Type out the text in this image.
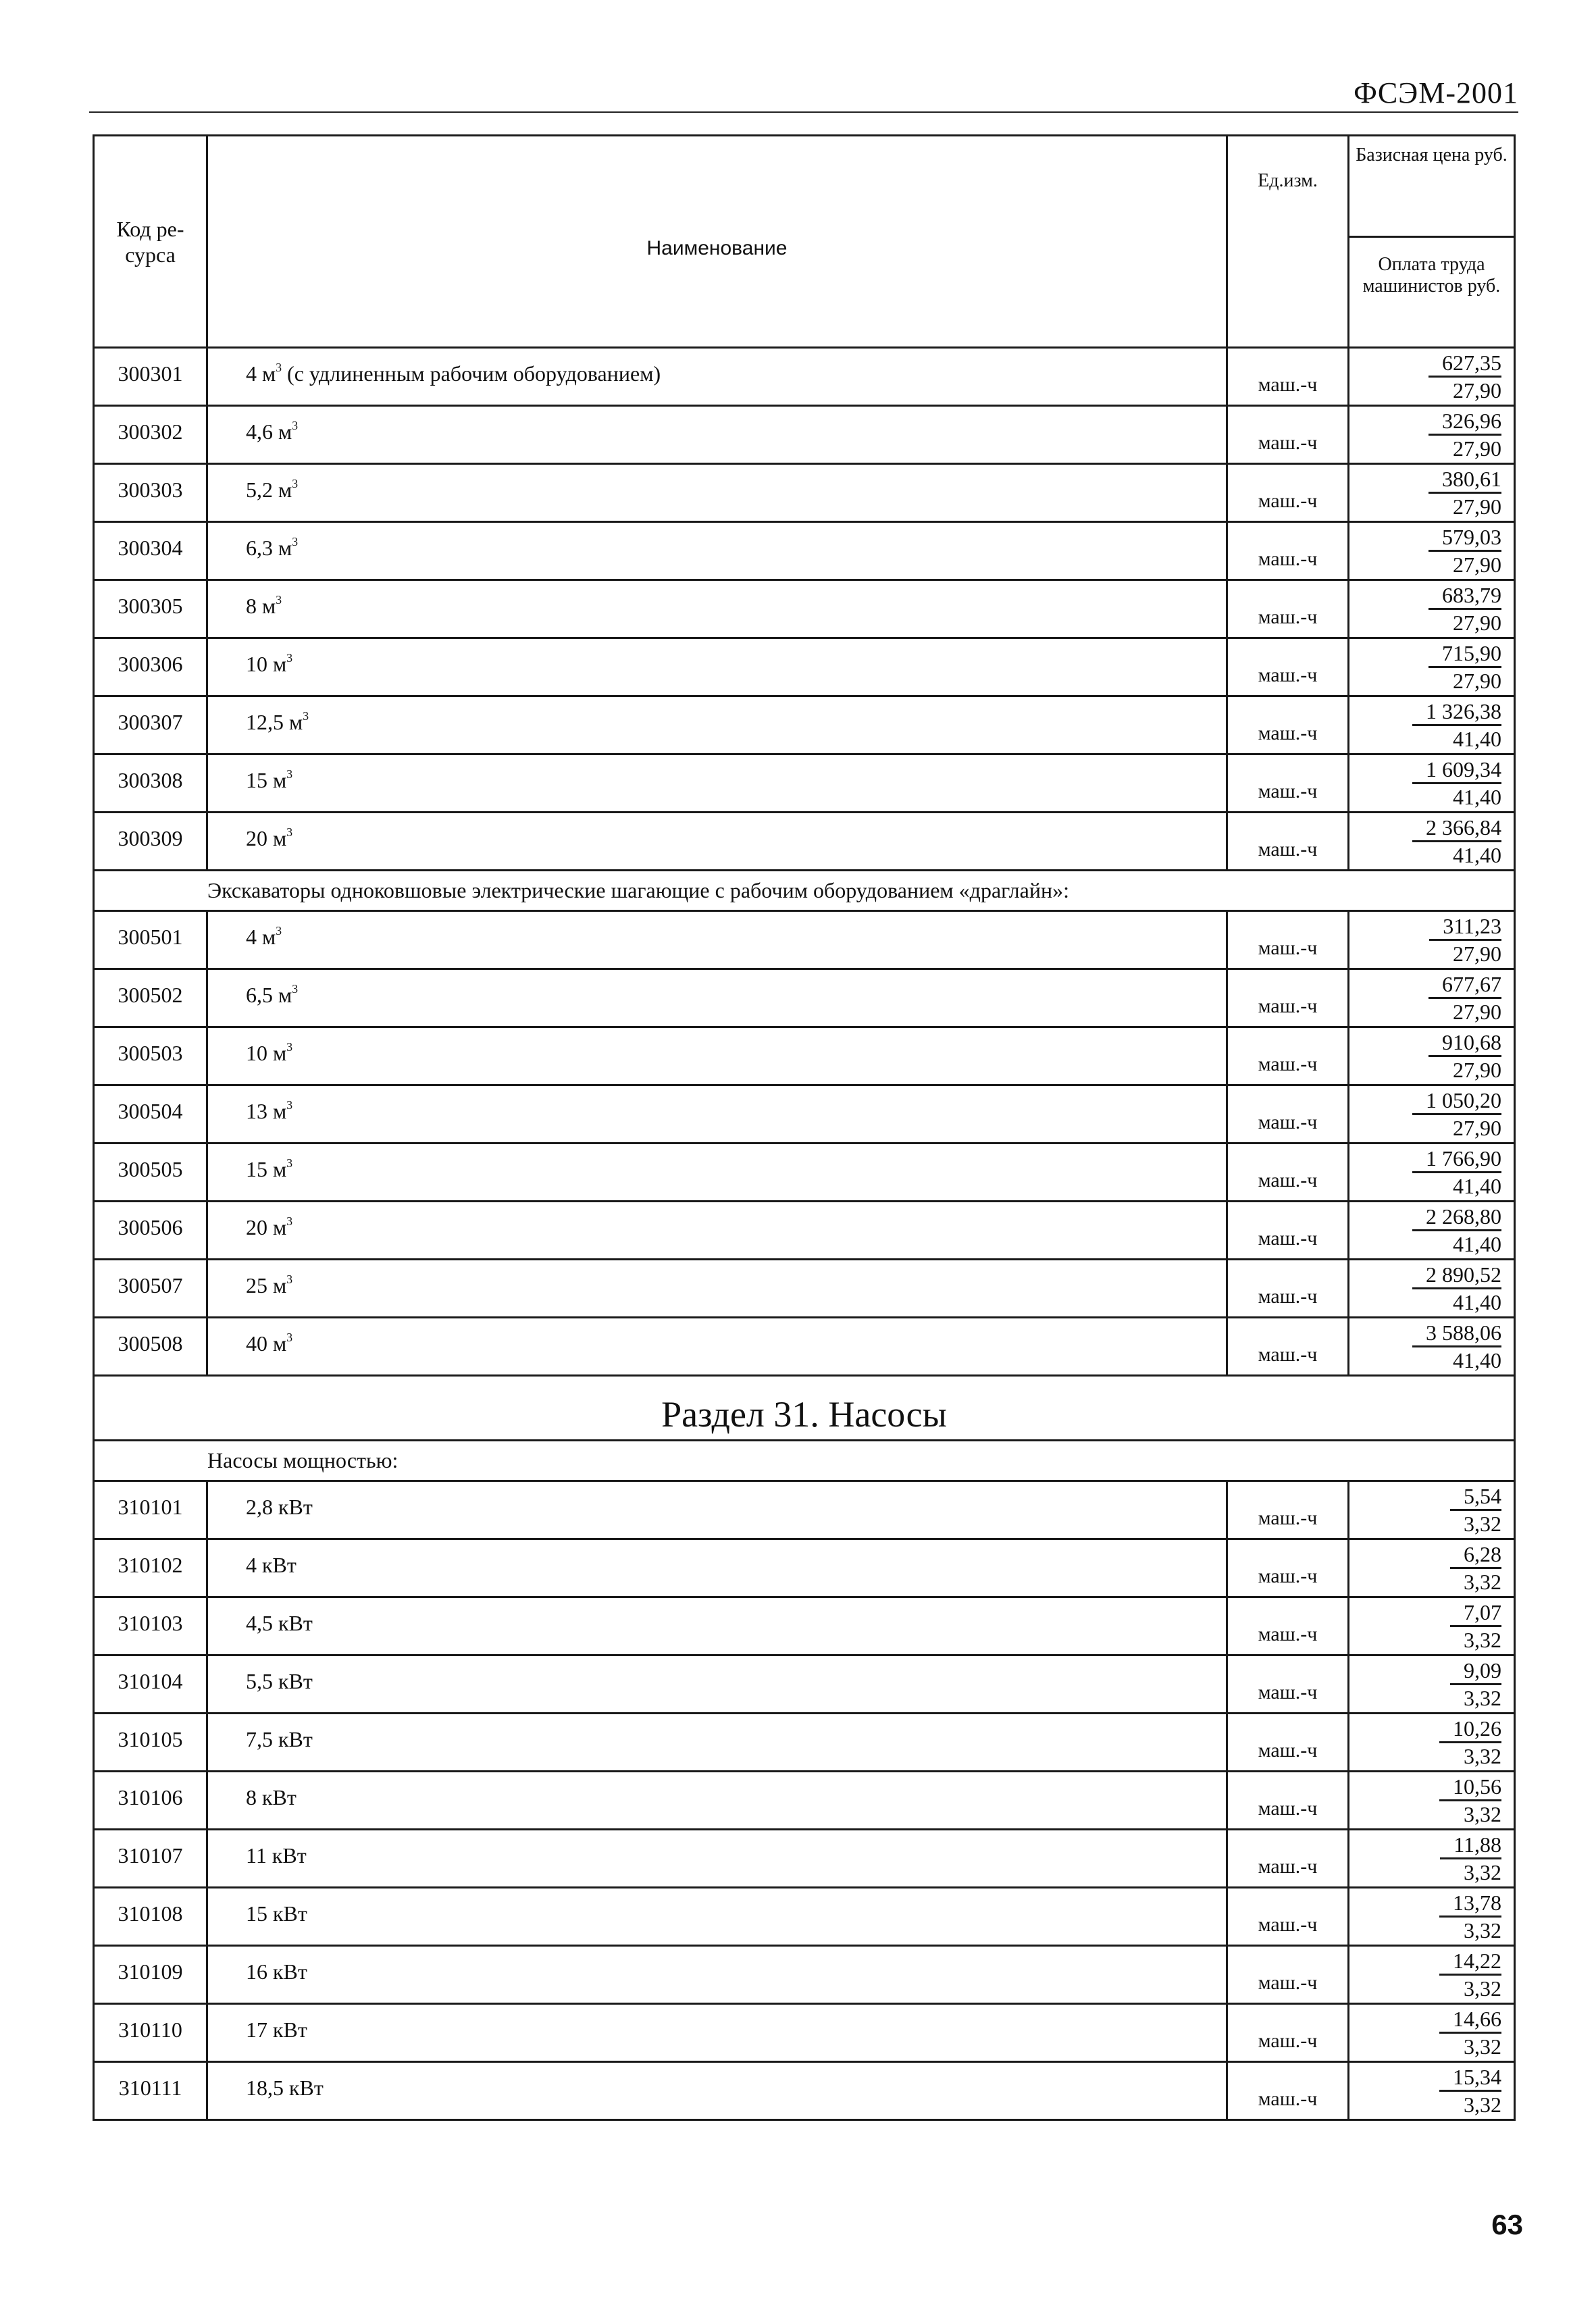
ФСЭМ-2001
Код ре-сурса	Наименование	Ед.изм.	Базисная цена руб.
Оплата труда машинистов руб.

300301	4 $м^3$ (с удлиненным рабочим оборудованием)	маш.-ч	627,35
27,90

300302	4,6 $м^3$	маш.-ч	326,96
27,90

300303	5,2 $м^3$	маш.-ч	380,61
27,90

300304	6,3 $м^3$	маш.-ч	579,03
27,90

300305	8 $м^3$	маш.-ч	683,79
27,90

300306	10 $м^3$	маш.-ч	715,90
27,90

300307	12,5 $м^3$	маш.-ч	1 326,38
41,40

300308	15 $м^3$	маш.-ч	1 609,34
41,40

300309	20 $м^3$	маш.-ч	2 366,84
41,40

Экскаваторы одноковшовые электрические шагающие с рабочим оборудованием «драглайн»:			
300501	4 $м^3$	маш.-ч	311,23
27,90

300502	6,5 $м^3$	маш.-ч	677,67
27,90

300503	10 $м^3$	маш.-ч	910,68
27,90

300504	13 $м^3$	маш.-ч	1 050,20
27,90

300505	15 $м^3$	маш.-ч	1 766,90
41,40

300506	20 $м^3$	маш.-ч	2 268,80
41,40

300507	25 $м^3$	маш.-ч	2 890,52
41,40

300508	40 $м^3$	маш.-ч	3 588,06
41,40

Раздел 31. Насосы			
Насосы мощностью:			
310101	2,8 кВт	маш.-ч	5,54
3,32

310102	4 кВт	маш.-ч	6,28
3,32

310103	4,5 кВт	маш.-ч	7,07
3,32

310104	5,5 кВт	маш.-ч	9,09
3,32

310105	7,5 кВт	маш.-ч	10,26
3,32

310106	8 кВт	маш.-ч	10,56
3,32

310107	11 кВт	маш.-ч	11,88
3,32

310108	15 кВт	маш.-ч	13,78
3,32

310109	16 кВт	маш.-ч	14,22
3,32

310110	17 кВт	маш.-ч	14,66
3,32

310111	18,5 кВт	маш.-ч	15,34
3,32
63
